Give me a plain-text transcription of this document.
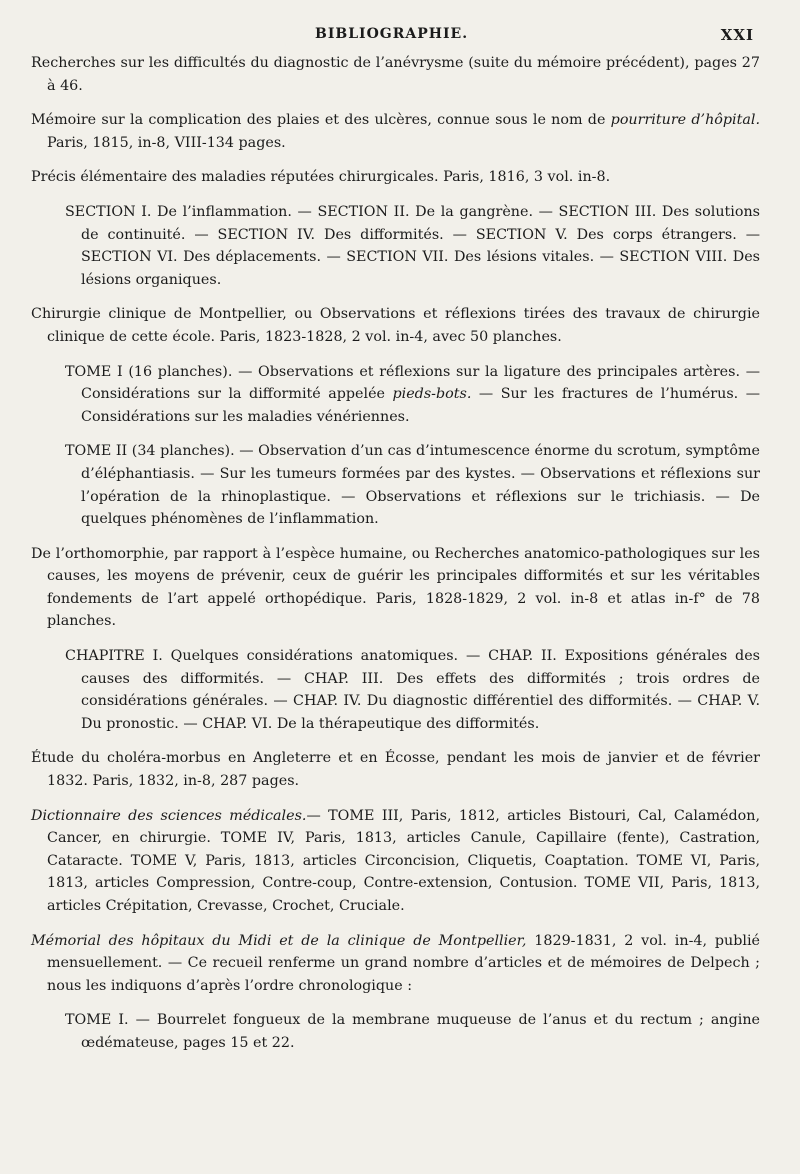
BIBLIOGRAPHIE.	XXI

Recherches sur les difficultés du diagnostic de l’anévrysme (suite du mémoire précédent), pages 27 à 46.

Mémoire sur la complication des plaies et des ulcères, connue sous le nom de pourriture d’hôpital. Paris, 1815, in-8, VIII-134 pages.

Précis élémentaire des maladies réputées chirurgicales. Paris, 1816, 3 vol. in-8.

SECTION I. De l’inflammation. — SECTION II. De la gangrène. — SECTION III. Des solutions de continuité. — SECTION IV. Des difformités. — SECTION V. Des corps étrangers. — SECTION VI. Des déplacements. — SECTION VII. Des lésions vitales. — SECTION VIII. Des lésions organiques.

Chirurgie clinique de Montpellier, ou Observations et réflexions tirées des travaux de chirurgie clinique de cette école. Paris, 1823-1828, 2 vol. in-4, avec 50 planches.

TOME I (16 planches). — Observations et réflexions sur la ligature des principales artères. — Considérations sur la difformité appelée pieds-bots. — Sur les fractures de l’humérus. — Considérations sur les maladies vénériennes.

TOME II (34 planches). — Observation d’un cas d’intumescence énorme du scrotum, symptôme d’éléphantiasis. — Sur les tumeurs formées par des kystes. — Observations et réflexions sur l’opération de la rhinoplastique. — Observations et réflexions sur le trichiasis. — De quelques phénomènes de l’inflammation.

De l’orthomorphie, par rapport à l’espèce humaine, ou Recherches anatomico-pathologiques sur les causes, les moyens de prévenir, ceux de guérir les principales difformités et sur les véritables fondements de l’art appelé orthopédique. Paris, 1828-1829, 2 vol. in-8 et atlas in-f° de 78 planches.

CHAPITRE I. Quelques considérations anatomiques. — CHAP. II. Expositions générales des causes des difformités. — CHAP. III. Des effets des difformités ; trois ordres de considérations générales. — CHAP. IV. Du diagnostic différentiel des difformités. — CHAP. V. Du pronostic. — CHAP. VI. De la thérapeutique des difformités.

Étude du choléra-morbus en Angleterre et en Écosse, pendant les mois de janvier et de février 1832. Paris, 1832, in-8, 287 pages.

Dictionnaire des sciences médicales.— TOME III, Paris, 1812, articles Bistouri, Cal, Calamédon, Cancer, en chirurgie. TOME IV, Paris, 1813, articles Canule, Capillaire (fente), Castration, Cataracte. TOME V, Paris, 1813, articles Circoncision, Cliquetis, Coaptation. TOME VI, Paris, 1813, articles Compression, Contre-coup, Contre-extension, Contusion. TOME VII, Paris, 1813, articles Crépitation, Crevasse, Crochet, Cruciale.

Mémorial des hôpitaux du Midi et de la clinique de Montpellier, 1829-1831, 2 vol. in-4, publié mensuellement. — Ce recueil renferme un grand nombre d’articles et de mémoires de Delpech ; nous les indiquons d’après l’ordre chronologique :

TOME I. — Bourrelet fongueux de la membrane muqueuse de l’anus et du rectum ; angine œdémateuse, pages 15 et 22.
